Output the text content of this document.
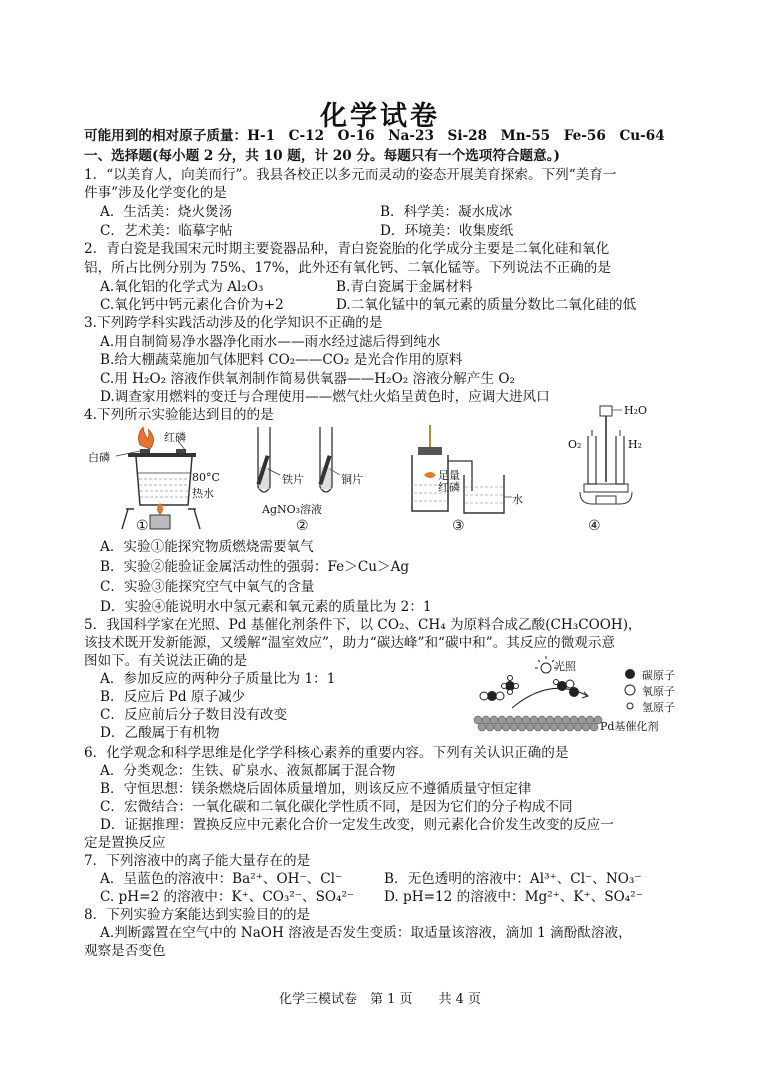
化学试卷
可能用到的相对原子质量：H-1　C-12　O-16　Na-23　Si-28　Mn-55　Fe-56　Cu-64
一、选择题(每小题 2 分，共 10 题，计 20 分。每题只有一个选项符合题意。)
1．“以美育人，向美而行”。我县各校正以多元而灵动的姿态开展美育探索。下列“美育一
件事”涉及化学变化的是
A．生活美：烧火煲汤	B．科学美：凝水成冰
C．艺术美：临摹字帖	D．环境美：收集废纸
2．青白瓷是我国宋元时期主要瓷器品种，青白瓷瓷胎的化学成分主要是二氧化硅和氧化
铝，所占比例分别为 75%、17%，此外还有氧化钙、二氧化锰等。下列说法不正确的是
A.氧化铝的化学式为 Al₂O₃	B.青白瓷属于金属材料
C.氧化钙中钙元素化合价为+2	D.二氧化锰中的氧元素的质量分数比二氧化硅的低
3.下列跨学科实践活动涉及的化学知识不正确的是
A.用自制简易净水器净化雨水——雨水经过滤后得到纯水
B.给大棚蔬菜施加气体肥料 CO₂——CO₂ 是光合作用的原料
C.用 H₂O₂ 溶液作供氧剂制作简易供氧器——H₂O₂ 溶液分解产生 O₂
D.调查家用燃料的变迁与合理使用——燃气灶火焰呈黄色时，应调大进风口
4.下列所示实验能达到目的的是
白磷
红磷
80°C
热水
①
铁片	铜片
AgNO₃溶液
②
足量
红磷
水
③
H₂O
O₂	H₂
④
A．实验①能探究物质燃烧需要氧气
B．实验②能验证金属活动性的强弱：Fe＞Cu＞Ag
C．实验③能探究空气中氧气的含量
D．实验④能说明水中氢元素和氧元素的质量比为 2：1
5．我国科学家在光照、Pd 基催化剂条件下，以 CO₂、CH₄ 为原料合成乙酸(CH₃COOH)，
该技术既开发新能源，又缓解“温室效应”，助力“碳达峰”和“碳中和”。其反应的微观示意
图如下。有关说法正确的是
A．参加反应的两种分子质量比为 1：1
B．反应后 Pd 原子减少
C．反应前后分子数目没有改变
D．乙酸属于有机物
光照
碳原子
氧原子
氢原子
Pd基催化剂
6．化学观念和科学思维是化学学科核心素养的重要内容。下列有关认识正确的是
A．分类观念：生铁、矿泉水、液氮都属于混合物
B．守恒思想：镁条燃烧后固体质量增加，则该反应不遵循质量守恒定律
C．宏微结合：一氧化碳和二氧化碳化学性质不同，是因为它们的分子构成不同
D．证据推理：置换反应中元素化合价一定发生改变，则元素化合价发生改变的反应一
定是置换反应
7．下列溶液中的离子能大量存在的是
A．呈蓝色的溶液中：Ba²⁺、OH⁻、Cl⁻	B．无色透明的溶液中：Al³⁺、Cl⁻、NO₃⁻
C. pH=2 的溶液中：K⁺、CO₃²⁻、SO₄²⁻ D. pH=12 的溶液中：Mg²⁺、K⁺、SO₄²⁻
8．下列实验方案能达到实验目的的是
A.判断露置在空气中的 NaOH 溶液是否发生变质：取适量该溶液，滴加 1 滴酚酞溶液，
观察是否变色
化学三模试卷　第 1 页　　共 4 页
